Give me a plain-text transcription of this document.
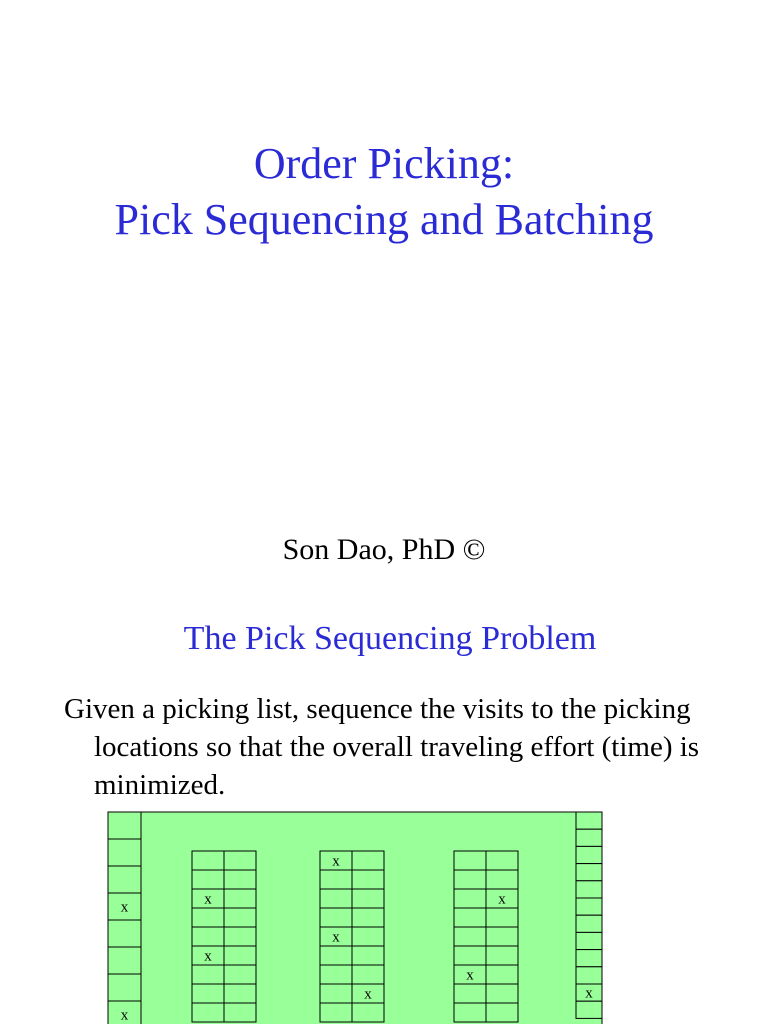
Order Picking:
Pick Sequencing and Batching
Son Dao, PhD ©
The Pick Sequencing Problem
Given a picking list, sequence the visits to the picking locations so that the overall traveling effort (time) is minimized.
x
x
x
x
x
x
x
x
x
x
